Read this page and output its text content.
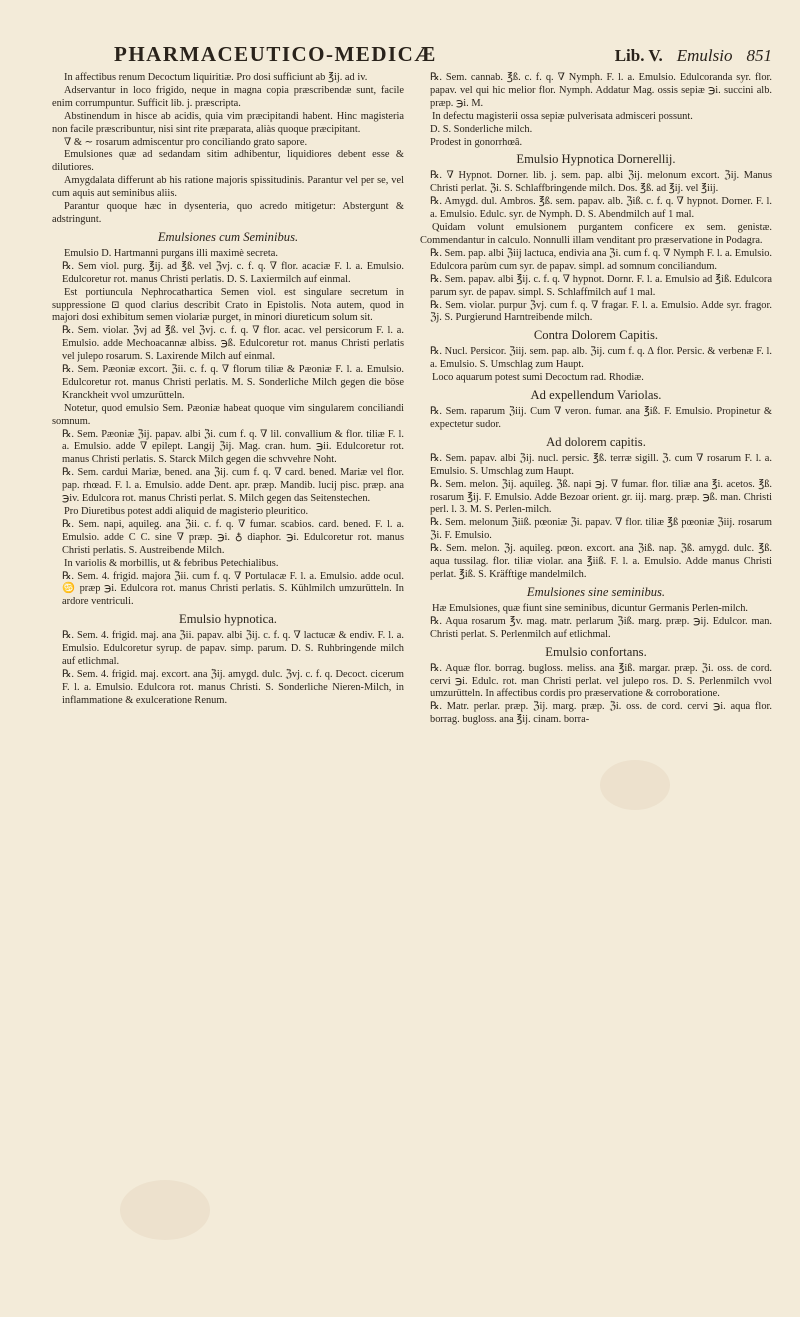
PHARMACEUTICO-MEDICÆ	Lib. V. Emulsio 851

In affectibus renum Decoctum liquiritiæ. Pro dosi sufficiunt ab ℥ij. ad iv.

Adservantur in loco frigido, neque in magna copia præscribendæ sunt, facile enim corrumpuntur. Sufficit lib. j. præscripta.

Abstinendum in hisce ab acidis, quia vim præcipitandi habent. Hinc magisteria non facile præscribuntur, nisi sint rite præparata, aliàs quoque præcipitant.

∇ & ∼ rosarum admiscentur pro conciliando grato sapore.

Emulsiones quæ ad sedandam sitim adhibentur, liquidiores debent esse & dilutiores.

Amygdalata differunt ab his ratione majoris spissitudinis. Parantur vel per se, vel cum aquis aut seminibus aliis.

Parantur quoque hæc in dysenteria, quo acredo mitigetur: Abstergunt & adstringunt.

Emulsiones cum Seminibus.

Emulsio D. Hartmanni purgans illi maximè secreta.

℞. Sem viol. purg. ℥ij. ad ℥ß. vel ℨvj. c. f. q. ∇ flor. acaciæ F. l. a. Emulsio. Edulcoretur rot. manus Christi perlatis. D. S. Laxiermilch auf einmal.

Est portiuncula Nephrocathartica Semen viol. est singulare secretum in suppressione ⊡ quod clarius describit Crato in Epistolis. Nota autem, quod in majori dosi exhibitum semen violariæ purget, in minori diureticum solum sit.

℞. Sem. violar. ℨvj ad ℥ß. vel ℨvj. c. f. q. ∇ flor. acac. vel persicorum F. l. a. Emulsio. adde Mechoacannæ albiss. ℈ß. Edulcoretur rot. manus Christi perlatis vel julepo rosarum. S. Laxirende Milch auf einmal.

℞. Sem. Pæoniæ excort. ℨii. c. f. q. ∇ florum tiliæ & Pæoniæ F. l. a. Emulsio. Edulcoretur rot. manus Christi perlatis. M. S. Sonderliche Milch gegen die böse Kranckheit vvol umzurütteln.

Notetur, quod emulsio Sem. Pæoniæ habeat quoque vim singularem conciliandi somnum.

℞. Sem. Pæoniæ ℨij. papav. albi ℨi. cum f. q. ∇ lil. convallium & flor. tiliæ F. l. a. Emulsio. adde ∇ epilept. Langij ℨij. Mag. cran. hum. ℈ii. Edulcoretur rot. manus Christi perlatis. S. Starck Milch gegen die schvvehre Noht.

℞. Sem. cardui Mariæ, bened. ana ℨij. cum f. q. ∇ card. bened. Mariæ vel flor. pap. rhœad. F. l. a. Emulsio. adde Dent. apr. præp. Mandib. lucij pisc. præp. ana ℈iv. Edulcora rot. manus Christi perlat. S. Milch gegen das Seitenstechen.

Pro Diuretibus potest addi aliquid de magisterio pleuritico.

℞. Sem. napi, aquileg. ana ℨii. c. f. q. ∇ fumar. scabios. card. bened. F. l. a. Emulsio. adde C C. sine ∇ præp. ℈i. ♁ diaphor. ℈i. Edulcoretur rot. manus Christi perlatis. S. Austreibende Milch.

In variolis & morbillis, ut & febribus Petechialibus.

℞. Sem. 4. frigid. majora ℨii. cum f. q. ∇ Portulacæ F. l. a. Emulsio. adde ocul. ♋ præp ℈i. Edulcora rot. manus Christi perlatis. S. Kühlmilch umzurütteln. In ardore ventriculi.

Emulsio hypnotica.

℞. Sem. 4. frigid. maj. ana ℨii. papav. albi ℨij. c. f. q. ∇ lactucæ & endiv. F. l. a. Emulsio. Edulcoretur syrup. de papav. simp. parum. D. S. Ruhbringende milch auf etlichmal.

℞. Sem. 4. frigid. maj. excort. ana ℨij. amygd. dulc. ℨvj. c. f. q. Decoct. cicerum F. l. a. Emulsio. Edulcora rot. manus Christi. S. Sonderliche Nieren-Milch, in inflammatione & exulceratione Renum.

℞. Sem. cannab. ℥ß. c. f. q. ∇ Nymph. F. l. a. Emulsio. Edulcoranda syr. flor. papav. vel qui hic melior flor. Nymph. Addatur Mag. ossis sepiæ ℈i. succini alb. præp. ℈i. M.

In defectu magisterii ossa sepiæ pulverisata admisceri possunt.

D. S. Sonderliche milch.

Prodest in gonorrhœâ.

Emulsio Hypnotica Dornerellij.

℞. ∇ Hypnot. Dorner. lib. j. sem. pap. albi ℨij. melonum excort. ℨij. Manus Christi perlat. ℨi. S. Schlaffbringende milch. Dos. ℥ß. ad ℥ij. vel ℥iij.

℞. Amygd. dul. Ambros. ℥ß. sem. papav. alb. ℨiß. c. f. q. ∇ hypnot. Dorner. F. l. a. Emulsio. Edulc. syr. de Nymph. D. S. Abendmilch auf 1 mal.

Quidam volunt emulsionem purgantem conficere ex sem. genistæ. Commendantur in calculo. Nonnulli illam venditant pro præservatione in Podagra.

℞. Sem. pap. albi ℨiij lactuca, endivia ana ℨi. cum f. q. ∇ Nymph F. l. a. Emulsio. Edulcora parùm cum syr. de papav. simpl. ad somnum conciliandum.

℞. Sem. papav. albi ℥ij. c. f. q. ∇ hypnot. Dornr. F. l. a. Emulsio ad ℥iß. Edulcora parum syr. de papav. simpl. S. Schlaffmilch auf 1 mal.

℞. Sem. violar. purpur ℨvj. cum f. q. ∇ fragar. F. l. a. Emulsio. Adde syr. fragor. ℨj. S. Purgierund Harntreibende milch.

Contra Dolorem Capitis.

℞. Nucl. Persicor. ℨiij. sem. pap. alb. ℨij. cum f. q. ∆ flor. Persic. & verbenæ F. l. a. Emulsio. S. Umschlag zum Haupt.

Loco aquarum potest sumi Decoctum rad. Rhodiæ.

Ad expellendum Variolas.

℞. Sem. raparum ℨiij. Cum ∇ veron. fumar. ana ℥iß. F. Emulsio. Propinetur & expectetur sudor.

Ad dolorem capitis.

℞. Sem. papav. albi ℨij. nucl. persic. ℥ß. terræ sigill. ℨ. cum ∇ rosarum F. l. a. Emulsio. S. Umschlag zum Haupt.

℞. Sem. melon. ℨij. aquileg. ℨß. napi ℈j. ∇ fumar. flor. tiliæ ana ℥i. acetos. ℥ß. rosarum ℥ij. F. Emulsio. Adde Bezoar orient. gr. iij. marg. præp. ℈ß. man. Christi perl. l. 3. M. S. Perlen-milch.

℞. Sem. melonum ℨiiß. pœoniæ ℨi. papav. ∇ flor. tiliæ ℥ß pœoniæ ℨiij. rosarum ℨi. F. Emulsio.

℞. Sem. melon. ℨj. aquileg. pœon. excort. ana ℨiß. nap. ℨß. amygd. dulc. ℥ß. aqua tussilag. flor. tiliæ violar. ana ℥iiß. F. l. a. Emulsio. Adde manus Christi perlat. ℥iß. S. Kräfftige mandelmilch.

Emulsiones sine seminibus.

Hæ Emulsiones, quæ fiunt sine seminibus, dicuntur Germanis Perlen-milch.

℞. Aqua rosarum ℥v. mag. matr. perlarum ℨiß. marg. præp. ℈ij. Edulcor. man. Christi perlat. S. Perlenmilch auf etlichmal.

Emulsio confortans.

℞. Aquæ flor. borrag. bugloss. meliss. ana ℥iß. margar. præp. ℨi. oss. de cord. cervi ℈i. Edulc. rot. man Christi perlat. vel julepo ros. D. S. Perlenmilch vvol umzurütteln. In affectibus cordis pro præservatione & corroboratione.

℞. Matr. perlar. præp. ℨij. marg. præp. ℨi. oss. de cord. cervi ℈i. aqua flor. borrag. bugloss. ana ℥ij. cinam. borra-
